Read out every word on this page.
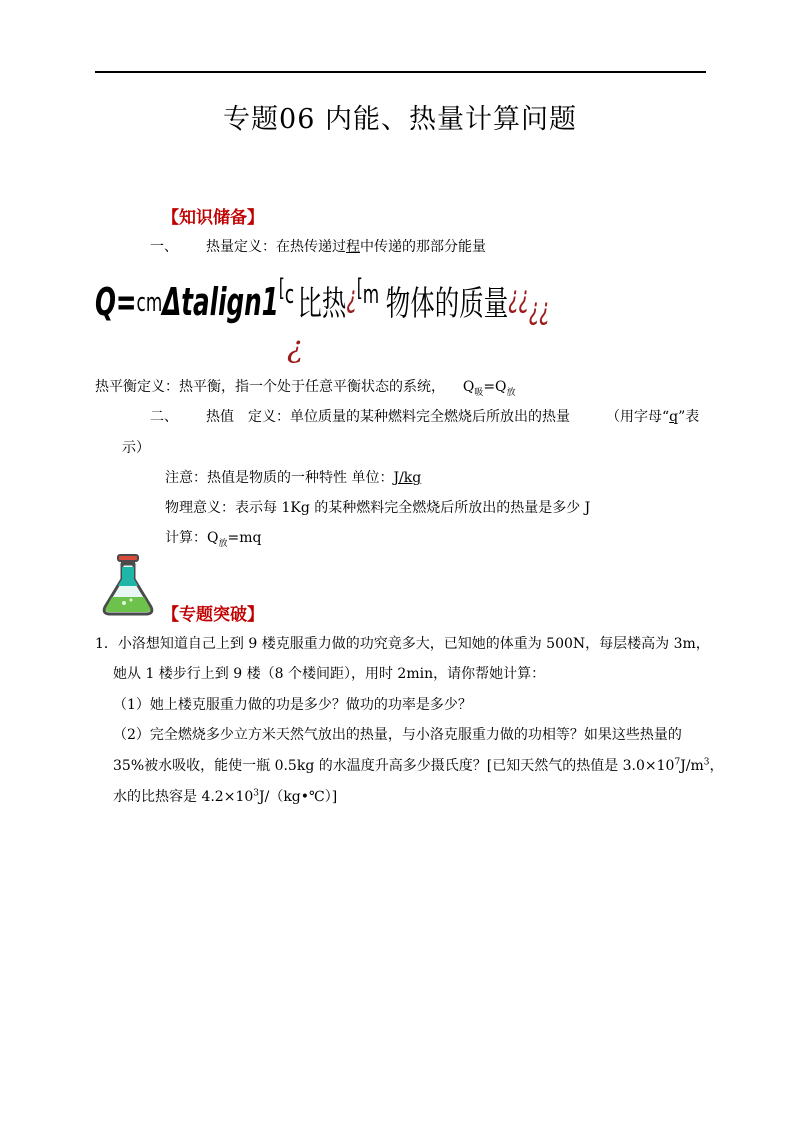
专题06 内能、热量计算问题
【知识储备】
一、 热量定义：在热传递过程中传递的那部分能量
Q=cmΔtalign1[c 比热¿[m 物体的质量¿¿¿¿
¿
热平衡定义：热平衡，指一个处于任意平衡状态的系统， $Q_吸=Q_放$
二、 热值 定义：单位质量的某种燃料完全燃烧后所放出的热量	（用字母“q”表
示）
注意：热值是物质的一种特性 单位：J/kg
物理意义：表示每 1Kg 的某种燃料完全燃烧后所放出的热量是多少 J
计算：$Q_放=mq$
【专题突破】
1．小洛想知道自己上到 9 楼克服重力做的功究竟多大，已知她的体重为 500N，每层楼高为 3m，
她从 1 楼步行上到 9 楼（8 个楼间距），用时 2min，请你帮她计算：
（1）她上楼克服重力做的功是多少？做功的功率是多少？
（2）完全燃烧多少立方米天然气放出的热量，与小洛克服重力做的功相等？如果这些热量的
35%被水吸收，能使一瓶 0.5kg 的水温度升高多少摄氏度？[已知天然气的热值是 $3.0\times 10^7J/m^3$，
水的比热容是 $4.2\times 10^3J/(kg•℃)$]
